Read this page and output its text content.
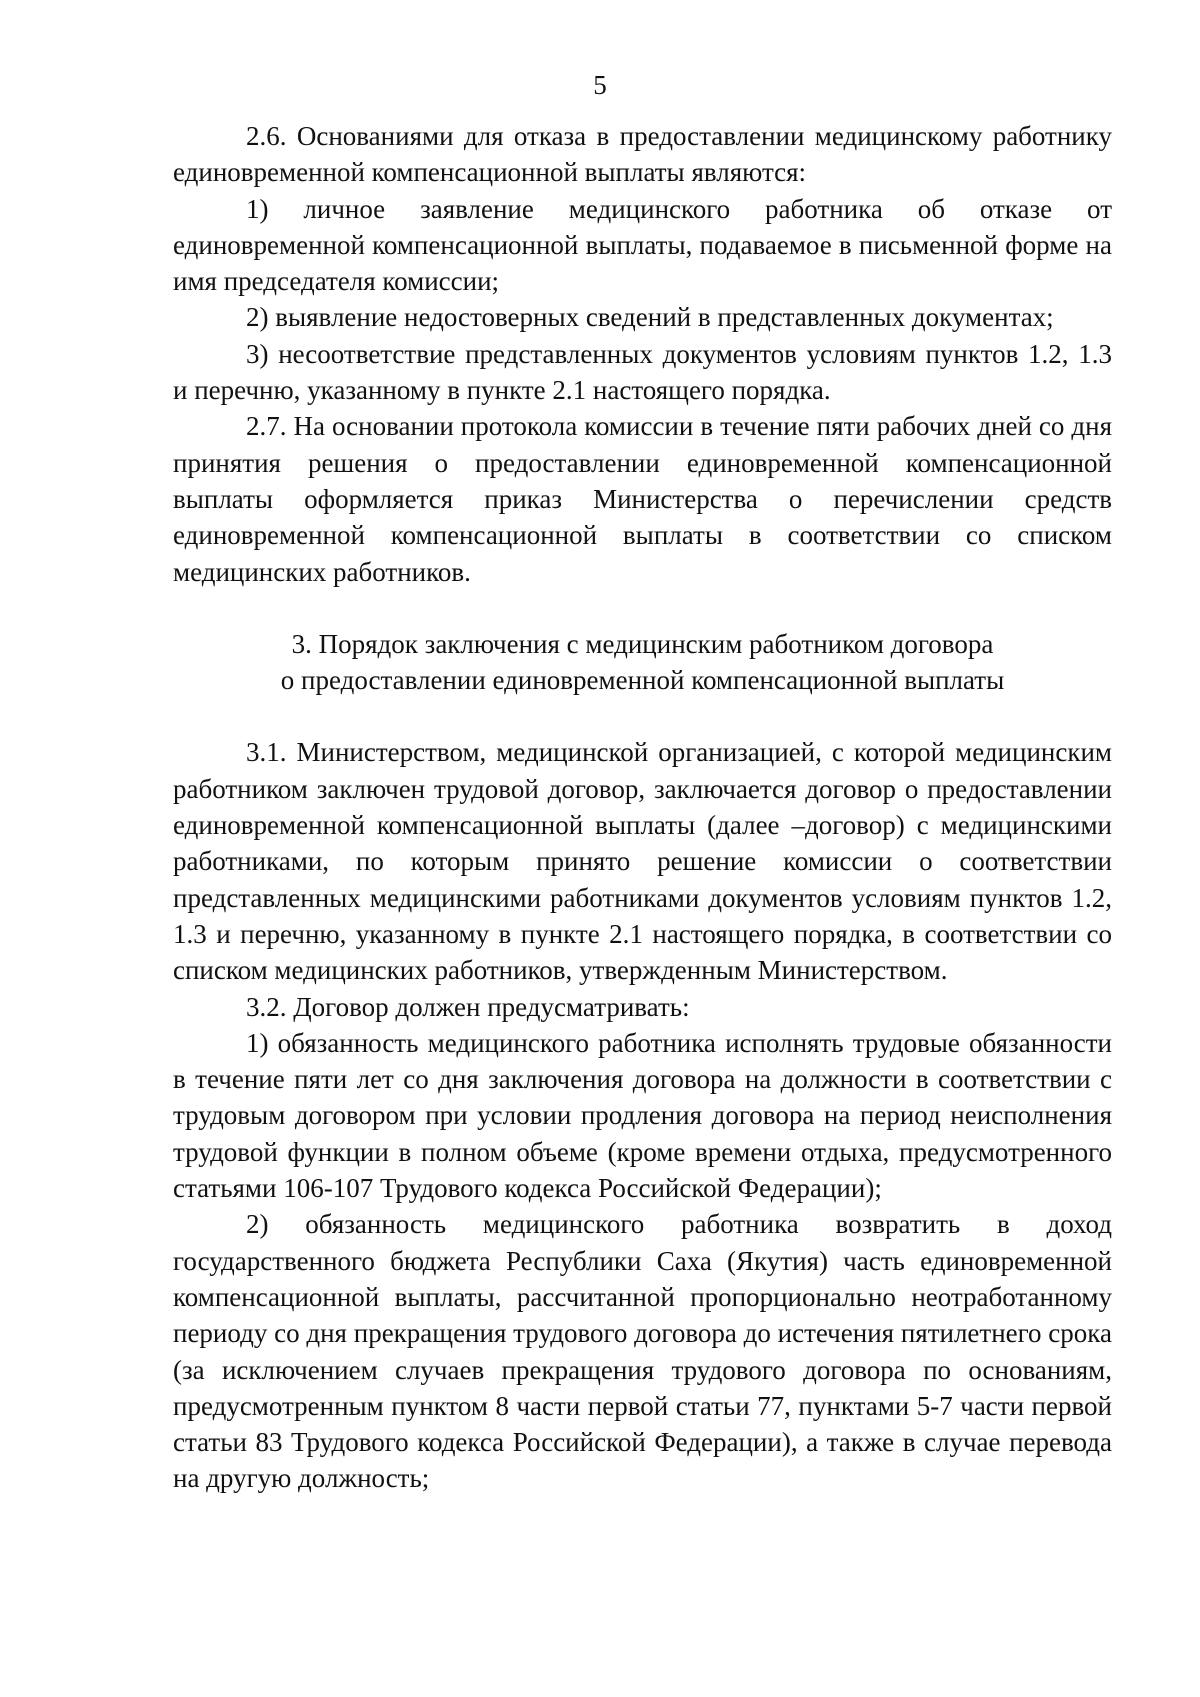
5

2.6. Основаниями для отказа в предоставлении медицинскому работнику единовременной компенсационной выплаты являются:

1) личное заявление медицинского работника об отказе от единовременной компенсационной выплаты, подаваемое в письменной форме на имя председателя комиссии;

2) выявление недостоверных сведений в представленных документах;

3) несоответствие представленных документов условиям пунктов 1.2, 1.3 и перечню, указанному в пункте 2.1 настоящего порядка.

2.7. На основании протокола комиссии в течение пяти рабочих дней со дня принятия решения о предоставлении единовременной компенсационной выплаты оформляется приказ Министерства о перечислении средств единовременной компенсационной выплаты в соответствии со списком медицинских работников.

3. Порядок заключения с медицинским работником договора
о предоставлении единовременной компенсационной выплаты

3.1. Министерством, медицинской организацией, с которой медицинским работником заключен трудовой договор, заключается договор о предоставлении единовременной компенсационной выплаты (далее –договор) с медицинскими работниками, по которым принято решение комиссии о соответствии представленных медицинскими работниками документов условиям пунктов 1.2, 1.3 и перечню, указанному в пункте 2.1 настоящего порядка, в соответствии со списком медицинских работников, утвержденным Министерством.

3.2. Договор должен предусматривать:

1) обязанность медицинского работника исполнять трудовые обязанности в течение пяти лет со дня заключения договора на должности в соответствии с трудовым договором при условии продления договора на период неисполнения трудовой функции в полном объеме (кроме времени отдыха, предусмотренного статьями 106-107 Трудового кодекса Российской Федерации);

2) обязанность медицинского работника возвратить в доход государственного бюджета Республики Саха (Якутия) часть единовременной компенсационной выплаты, рассчитанной пропорционально неотработанному периоду со дня прекращения трудового договора до истечения пятилетнего срока (за исключением случаев прекращения трудового договора по основаниям, предусмотренным пунктом 8 части первой статьи 77, пунктами 5-7 части первой статьи 83 Трудового кодекса Российской Федерации), а также в случае перевода на другую должность;
